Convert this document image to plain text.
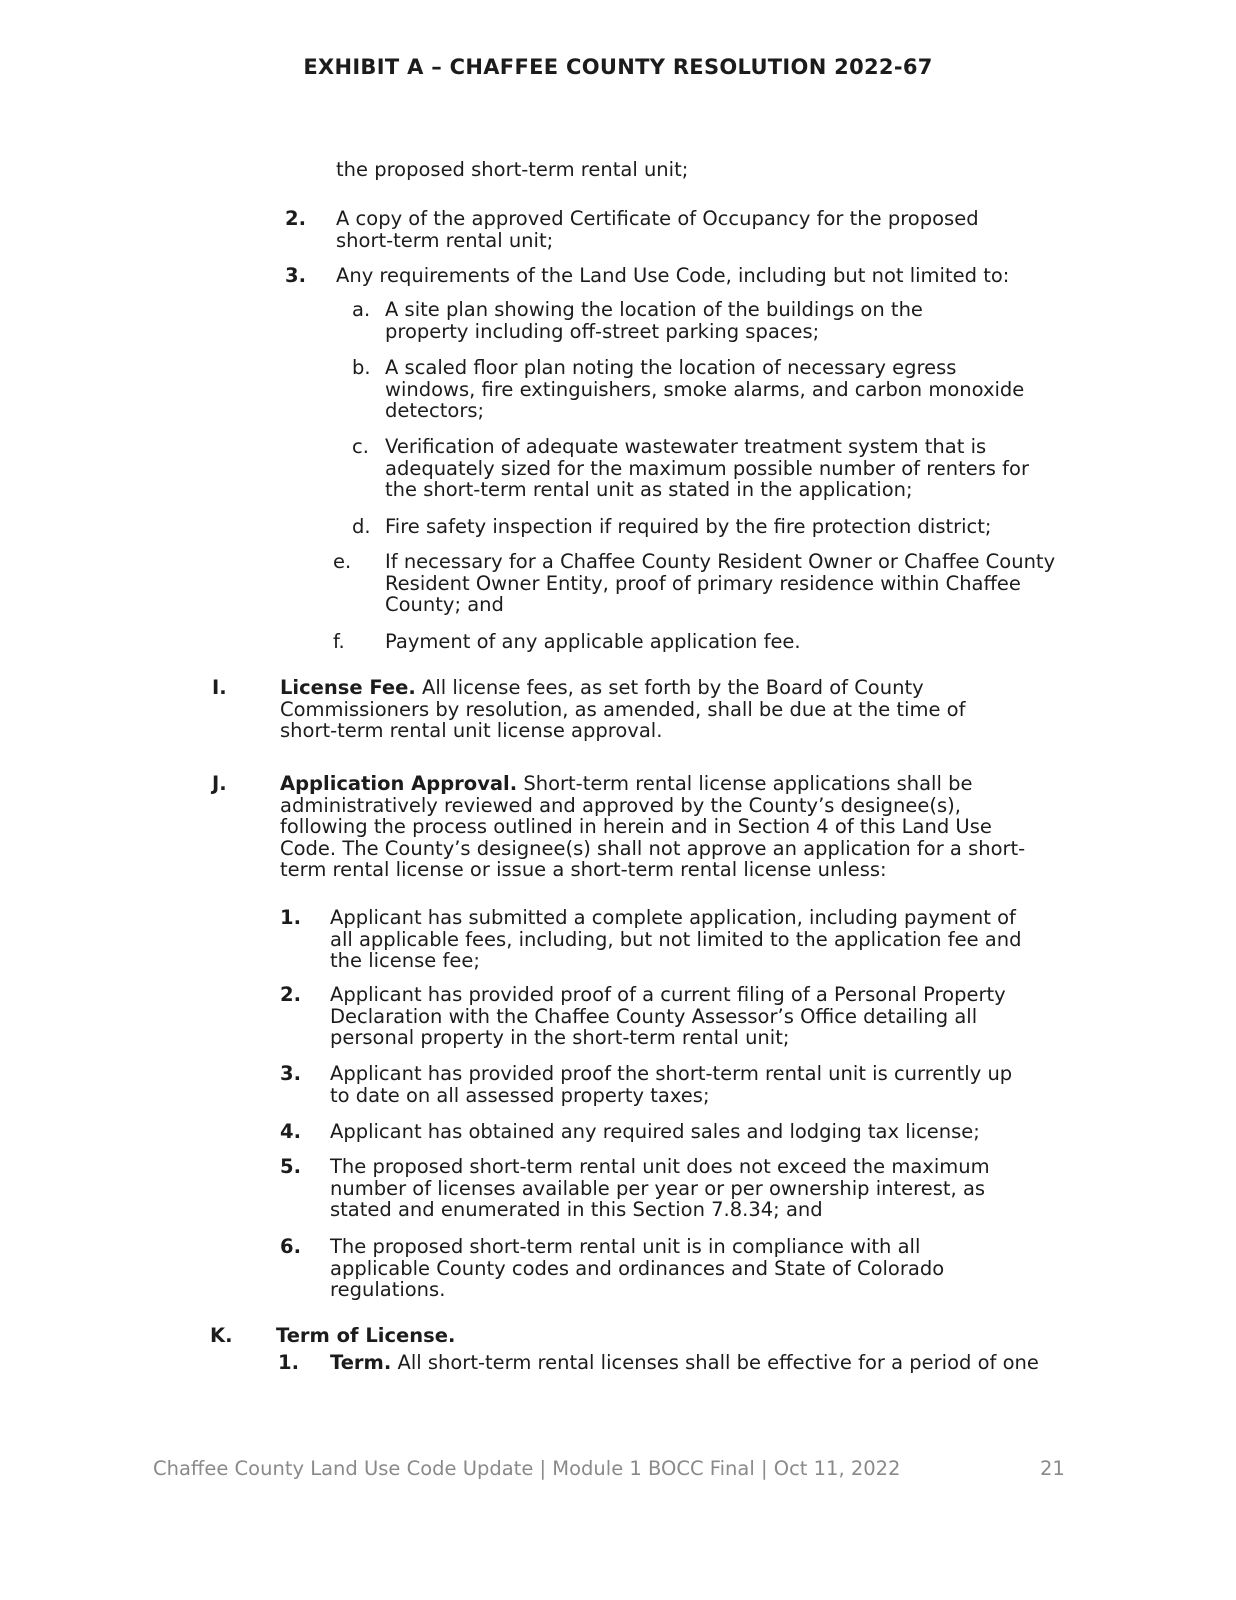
EXHIBIT A – CHAFFEE COUNTY RESOLUTION 2022-67
the proposed short-term rental unit;
2. A copy of the approved Certificate of Occupancy for the proposed
short-term rental unit;
3. Any requirements of the Land Use Code, including but not limited to:
a. A site plan showing the location of the buildings on the
property including off-street parking spaces;
b. A scaled floor plan noting the location of necessary egress
windows, fire extinguishers, smoke alarms, and carbon monoxide
detectors;
c. Verification of adequate wastewater treatment system that is
adequately sized for the maximum possible number of renters for
the short-term rental unit as stated in the application;
d. Fire safety inspection if required by the fire protection district;
e. If necessary for a Chaffee County Resident Owner or Chaffee County
Resident Owner Entity, proof of primary residence within Chaffee
County; and
f. Payment of any applicable application fee.
I.	License Fee. All license fees, as set forth by the Board of County
Commissioners by resolution, as amended, shall be due at the time of
short-term rental unit license approval.
J.	Application Approval. Short-term rental license applications shall be
administratively reviewed and approved by the County’s designee(s),
following the process outlined in herein and in Section 4 of this Land Use
Code. The County’s designee(s) shall not approve an application for a short-
term rental license or issue a short-term rental license unless:
1. Applicant has submitted a complete application, including payment of
all applicable fees, including, but not limited to the application fee and
the license fee;
2. Applicant has provided proof of a current filing of a Personal Property
Declaration with the Chaffee County Assessor’s Office detailing all
personal property in the short-term rental unit;
3. Applicant has provided proof the short-term rental unit is currently up
to date on all assessed property taxes;
4. Applicant has obtained any required sales and lodging tax license;
5. The proposed short-term rental unit does not exceed the maximum
number of licenses available per year or per ownership interest, as
stated and enumerated in this Section 7.8.34; and
6. The proposed short-term rental unit is in compliance with all
applicable County codes and ordinances and State of Colorado
regulations.
K. Term of License.
1. Term. All short-term rental licenses shall be effective for a period of one
Chaffee County Land Use Code Update | Module 1 BOCC Final | Oct 11, 2022	21
